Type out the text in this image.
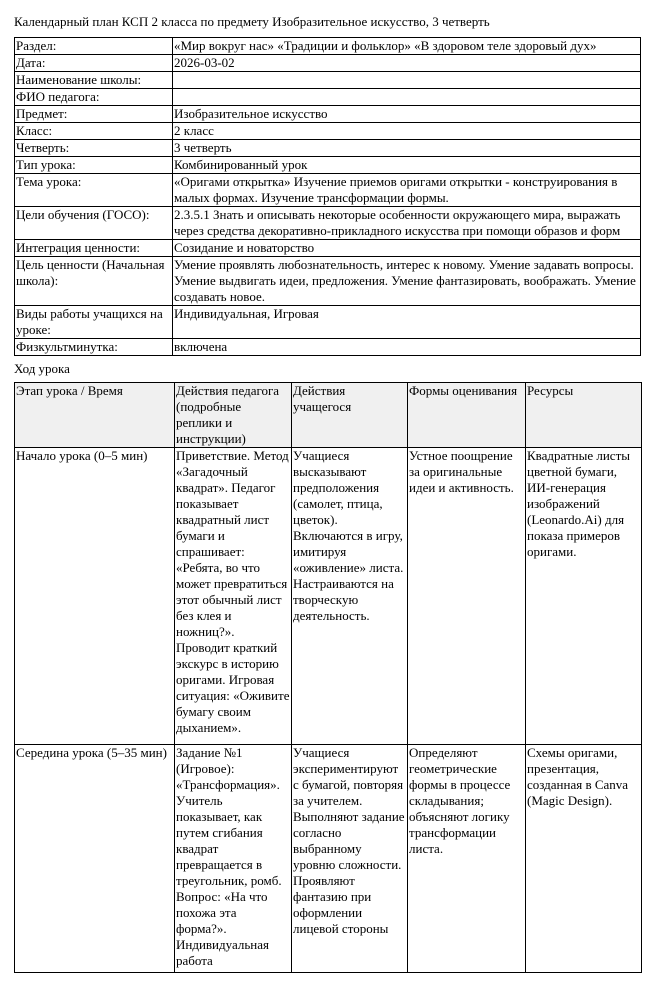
Календарный план КСП 2 класса по предмету Изобразительное искусство, 3 четверть
Раздел:	«Мир вокруг нас» «Традиции и фольклор» «В здоровом теле здоровый дух»
Дата:	2026-03-02
Наименование школы:	
ФИО педагога:	
Предмет:	Изобразительное искусство
Класс:	2 класс
Четверть:	3 четверть
Тип урока:	Комбинированный урок
Тема урока:	«Оригами открытка» Изучение приемов оригами открытки - конструирования в малых формах. Изучение трансформации формы.
Цели обучения (ГОСО):	2.3.5.1 Знать и описывать некоторые особенности окружающего мира, выражать через средства декоративно-прикладного искусства при помощи образов и форм
Интеграция ценности:	Созидание и новаторство
Цель ценности (Начальная школа):	Умение проявлять любознательность, интерес к новому. Умение задавать вопросы. Умение выдвигать идеи, предложения. Умение фантазировать, воображать. Умение создавать новое.
Виды работы учащихся на уроке:	Индивидуальная, Игровая
Физкультминутка:	включена
Ход урока
Этап урока / Время	Действия педагога (подробные реплики и инструкции)	Действия учащегося	Формы оценивания	Ресурсы
Начало урока (0–5 мин)	Приветствие. Метод «Загадочный квадрат». Педагог показывает квадратный лист бумаги и спрашивает: «Ребята, во что может превратиться этот обычный лист без клея и ножниц?». Проводит краткий экскурс в историю оригами. Игровая ситуация: «Оживите бумагу своим дыханием».	Учащиеся высказывают предположения (самолет, птица, цветок). Включаются в игру, имитируя «оживление» листа. Настраиваются на творческую деятельность.	Устное поощрение за оригинальные идеи и активность.	Квадратные листы цветной бумаги, ИИ-генерация изображений (Leonardo.Ai) для показа примеров оригами.
Середина урока (5–35 мин)	Задание №1 (Игровое): «Трансформация». Учитель показывает, как путем сгибания квадрат превращается в треугольник, ромб. Вопрос: «На что похожа эта форма?». Индивидуальная работа	Учащиеся экспериментируют с бумагой, повторяя за учителем. Выполняют задание согласно выбранному уровню сложности. Проявляют фантазию при оформлении лицевой стороны	Определяют геометрические формы в процессе складывания; объясняют логику трансформации листа.	Схемы оригами, презентация, созданная в Canva (Magic Design).
